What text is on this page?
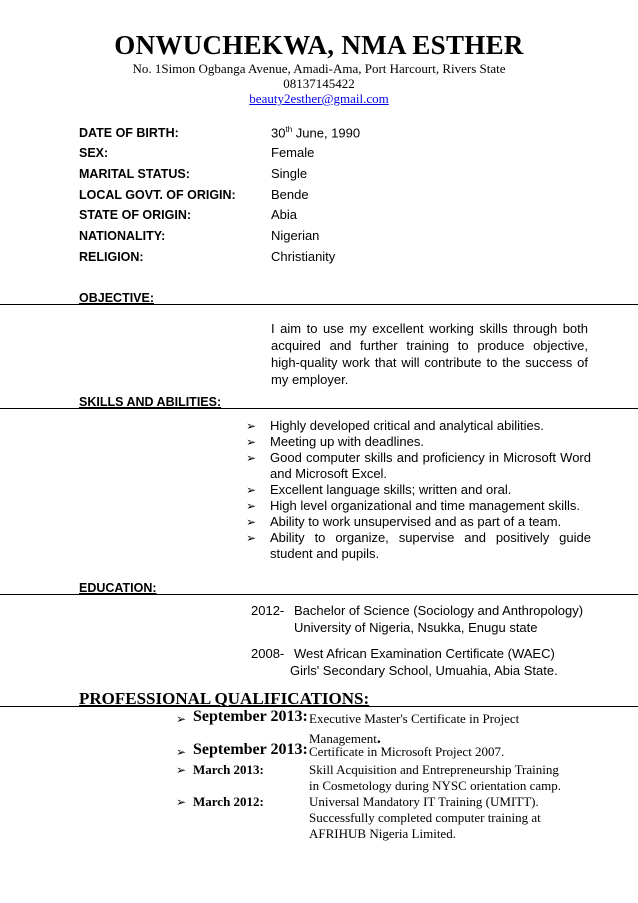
ONWUCHEKWA, NMA ESTHER
No. 1Simon Ogbanga Avenue, Amadi-Ama, Port Harcourt, Rivers State
08137145422
beauty2esther@gmail.com
DATE OF BIRTH:	30th June, 1990
SEX:	Female
MARITAL STATUS:	Single
LOCAL GOVT. OF ORIGIN:	Bende
STATE OF ORIGIN:	Abia
NATIONALITY:	Nigerian
RELIGION:	Christianity
OBJECTIVE:
I aim to use my excellent working skills through both acquired and further training to produce objective, high-quality work that will contribute to the success of my employer.
SKILLS AND ABILITIES:
➢ Highly developed critical and analytical abilities.
➢ Meeting up with deadlines.
➢ Good computer skills and proficiency in Microsoft Word and Microsoft Excel.
➢ Excellent language skills; written and oral.
➢ High level organizational and time management skills.
➢ Ability to work unsupervised and as part of a team.
➢ Ability to organize, supervise and positively guide student and pupils.
EDUCATION:
2012- Bachelor of Science (Sociology and Anthropology)
University of Nigeria, Nsukka, Enugu state
2008- West African Examination Certificate (WAEC)
Girls' Secondary School, Umuahia, Abia State.
PROFESSIONAL QUALIFICATIONS:
➢ September 2013: Executive Master's Certificate in Project
Management.
➢ September 2013: Certificate in Microsoft Project 2007.
➢ March 2013:	Skill Acquisition and Entrepreneurship Training
in Cosmetology during NYSC orientation camp.
➢ March 2012:	Universal Mandatory IT Training (UMITT).
Successfully completed computer training at
AFRIHUB Nigeria Limited.
